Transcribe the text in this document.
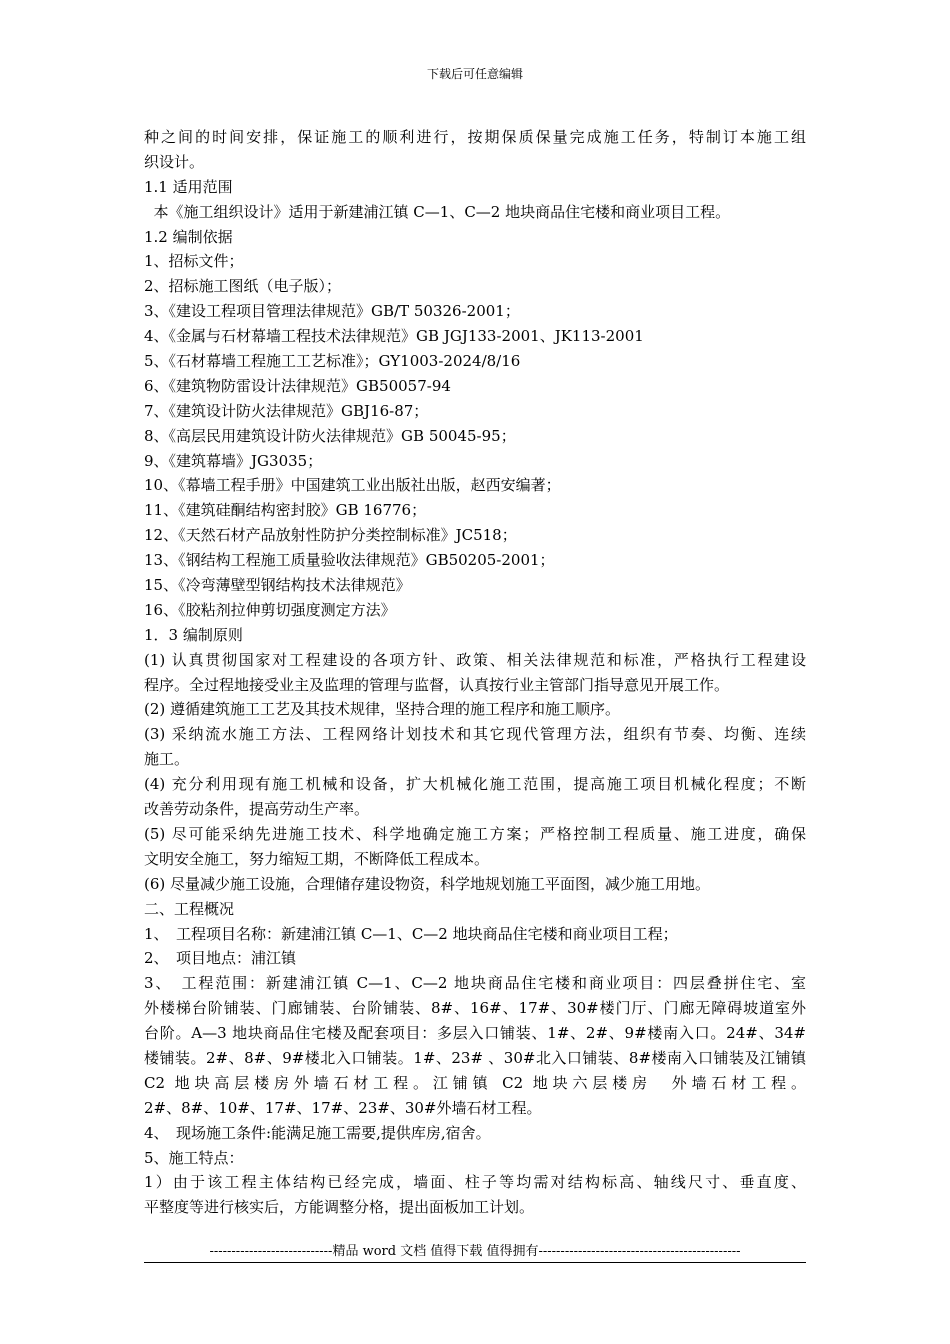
下载后可任意编辑
种之间的时间安排，保证施工的顺利进行，按期保质保量完成施工任务，特制订本施工组
织设计。
1.1 适用范围
本《施工组织设计》适用于新建浦江镇 C—1、C—2 地块商品住宅楼和商业项目工程。
1.2 编制依据
1、招标文件；
2、招标施工图纸（电子版）；
3、《建设工程项目管理法律规范》GB/T 50326-2001；
4、《金属与石材幕墙工程技术法律规范》GB JGJ133-2001、JK113-2001
5、《石材幕墙工程施工工艺标准》；GY1003-2024/8/16
6、《建筑物防雷设计法律规范》GB50057-94
7、《建筑设计防火法律规范》GBJ16-87；
8、《高层民用建筑设计防火法律规范》GB 50045-95；
9、《建筑幕墙》JG3035；
10、《幕墙工程手册》中国建筑工业出版社出版，赵西安编著；
11、《建筑硅酮结构密封胶》GB 16776；
12、《天然石材产品放射性防护分类控制标准》JC518；
13、《钢结构工程施工质量验收法律规范》GB50205-2001；
15、《冷弯薄壁型钢结构技术法律规范》
16、《胶粘剂拉伸剪切强度测定方法》
1．3 编制原则
(1) 认真贯彻国家对工程建设的各项方针、政策、相关法律规范和标准，严格执行工程建设
程序。全过程地接受业主及监理的管理与监督，认真按行业主管部门指导意见开展工作。
(2) 遵循建筑施工工艺及其技术规律，坚持合理的施工程序和施工顺序。
(3) 采纳流水施工方法、工程网络计划技术和其它现代管理方法，组织有节奏、均衡、连续
施工。
(4) 充分利用现有施工机械和设备，扩大机械化施工范围，提高施工项目机械化程度；不断
改善劳动条件，提高劳动生产率。
(5) 尽可能采纳先进施工技术、科学地确定施工方案；严格控制工程质量、施工进度，确保
文明安全施工，努力缩短工期，不断降低工程成本。
(6) 尽量减少施工设施，合理储存建设物资，科学地规划施工平面图，减少施工用地。
二、工程概况
1、　工程项目名称：新建浦江镇 C—1、C—2 地块商品住宅楼和商业项目工程；
2、　项目地点：浦江镇
3、　工程范围：新建浦江镇 C—1、C—2 地块商品住宅楼和商业项目：四层叠拼住宅、室
外楼梯台阶铺装、门廊铺装、台阶铺装、8#、16#、17#、30#楼门厅、门廊无障碍坡道室外
台阶。A—3 地块商品住宅楼及配套项目：多层入口铺装、1#、2#、9#楼南入口。24#、34#
楼铺装。2#、8#、9#楼北入口铺装。1#、23# 、30#北入口铺装、8#楼南入口铺装及江铺镇
C2 地块高层楼房外墙石材工程。江铺镇 C2 地块六层楼房　外墙石材工程。
2#、8#、10#、17#、17#、23#、30#外墙石材工程。
4、　现场施工条件:能满足施工需要,提供库房,宿舍。
5、施工特点：
1）由于该工程主体结构已经完成，墙面、柱子等均需对结构标高、轴线尺寸、垂直度、
平整度等进行核实后，方能调整分格，提出面板加工计划。
----------------------------精品 word 文档 值得下载 值得拥有----------------------------------------------
